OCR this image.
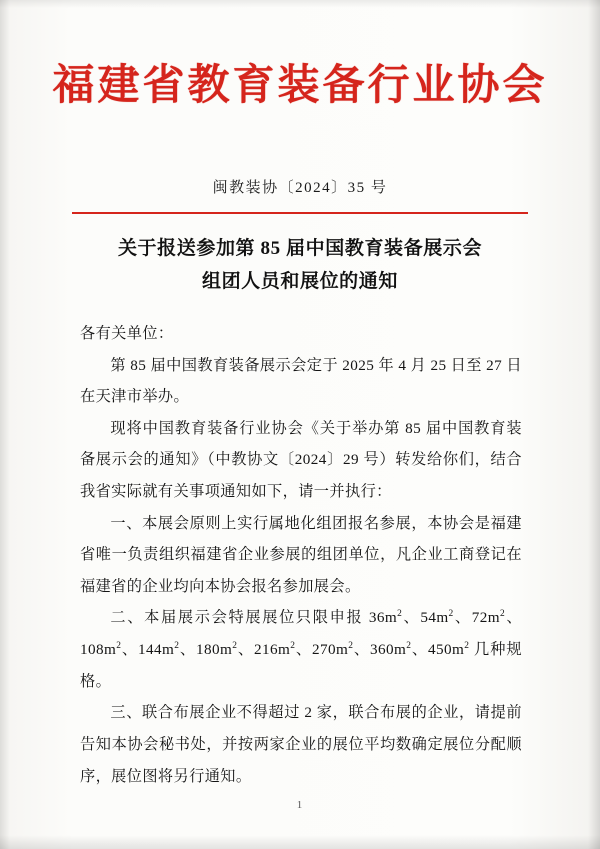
福建省教育装备行业协会
闽教装协〔2024〕35 号
关于报送参加第 85 届中国教育装备展示会
组团人员和展位的通知

各有关单位：

第 85 届中国教育装备展示会定于 2025 年 4 月 25 日至 27 日在天津市举办。

现将中国教育装备行业协会《关于举办第 85 届中国教育装备展示会的通知》（中教协文〔2024〕29 号）转发给你们，结合我省实际就有关事项通知如下，请一并执行：

一、本展会原则上实行属地化组团报名参展，本协会是福建省唯一负责组织福建省企业参展的组团单位，凡企业工商登记在福建省的企业均向本协会报名参加展会。

二、本届展示会特展展位只限申报 $36m^2$、$54m^2$、$72m^2$、$108m^2$、$144m^2$、$180m^2$、$216m^2$、$270m^2$、$360m^2$、$450m^2$ 几种规格。

三、联合布展企业不得超过 2 家，联合布展的企业，请提前告知本协会秘书处，并按两家企业的展位平均数确定展位分配顺序，展位图将另行通知。

1
